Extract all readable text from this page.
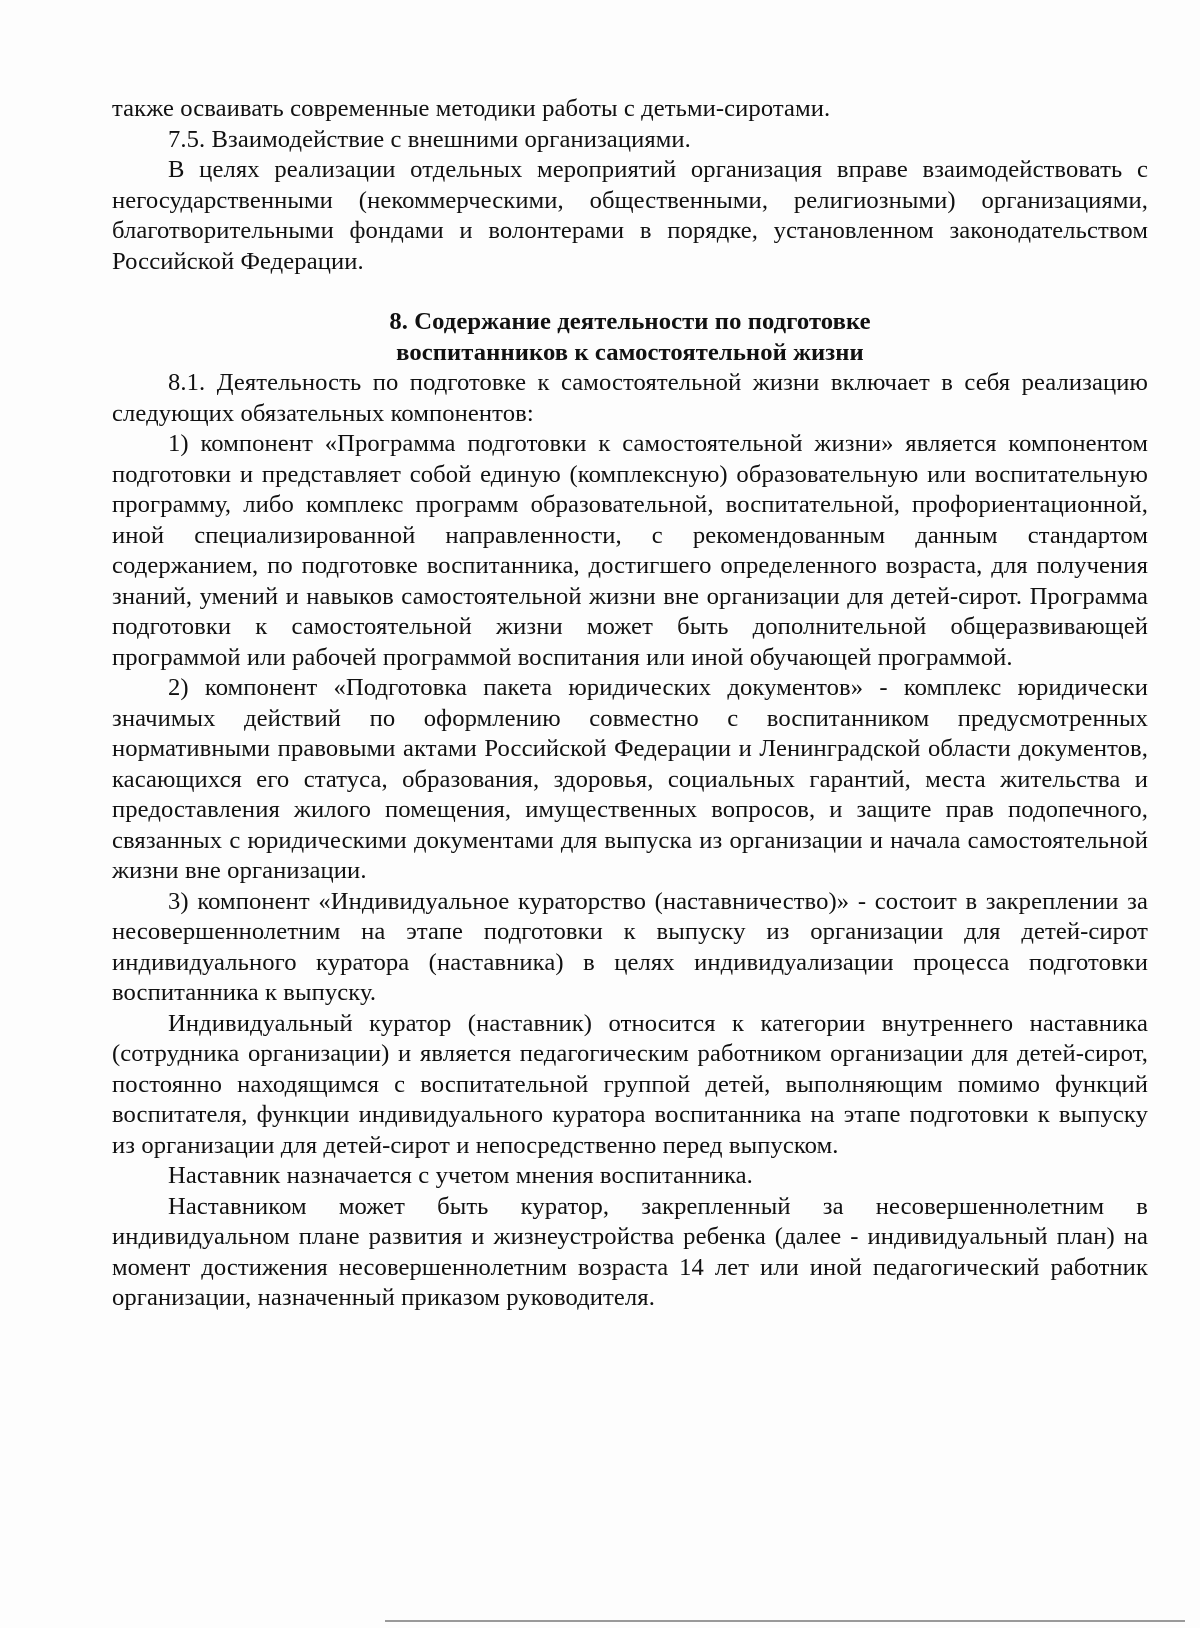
также осваивать современные методики работы с детьми-сиротами.

7.5. Взаимодействие с внешними организациями.

В целях реализации отдельных мероприятий организация вправе взаимодействовать с негосударственными (некоммерческими, общественными, религиозными) организациями, благотворительными фондами и волонтерами в порядке, установленном законодательством Российской Федерации.

8. Содержание деятельности по подготовке
воспитанников к самостоятельной жизни

8.1. Деятельность по подготовке к самостоятельной жизни включает в себя реализацию следующих обязательных компонентов:

1) компонент «Программа подготовки к самостоятельной жизни» является компонентом подготовки и представляет собой единую (комплексную) образовательную или воспитательную программу, либо комплекс программ образовательной, воспитательной, профориентационной, иной специализированной направленности, с рекомендованным данным стандартом содержанием, по подготовке воспитанника, достигшего определенного возраста, для получения знаний, умений и навыков самостоятельной жизни вне организации для детей-сирот. Программа подготовки к самостоятельной жизни может быть дополнительной общеразвивающей программой или рабочей программой воспитания или иной обучающей программой.

2) компонент «Подготовка пакета юридических документов» - комплекс юридически значимых действий по оформлению совместно с воспитанником предусмотренных нормативными правовыми актами Российской Федерации и Ленинградской области документов, касающихся его статуса, образования, здоровья, социальных гарантий, места жительства и предоставления жилого помещения, имущественных вопросов, и защите прав подопечного, связанных с юридическими документами для выпуска из организации и начала самостоятельной жизни вне организации.

3) компонент «Индивидуальное кураторство (наставничество)» - состоит в закреплении за несовершеннолетним на этапе подготовки к выпуску из организации для детей-сирот индивидуального куратора (наставника) в целях индивидуализации процесса подготовки воспитанника к выпуску.

Индивидуальный куратор (наставник) относится к категории внутреннего наставника (сотрудника организации) и является педагогическим работником организации для детей-сирот, постоянно находящимся с воспитательной группой детей, выполняющим помимо функций воспитателя, функции индивидуального куратора воспитанника на этапе подготовки к выпуску из организации для детей-сирот и непосредственно перед выпуском.

Наставник назначается с учетом мнения воспитанника.

Наставником может быть куратор, закрепленный за несовершеннолетним в индивидуальном плане развития и жизнеустройства ребенка (далее - индивидуальный план) на момент достижения несовершеннолетним возраста 14 лет или иной педагогический работник организации, назначенный приказом руководителя.
